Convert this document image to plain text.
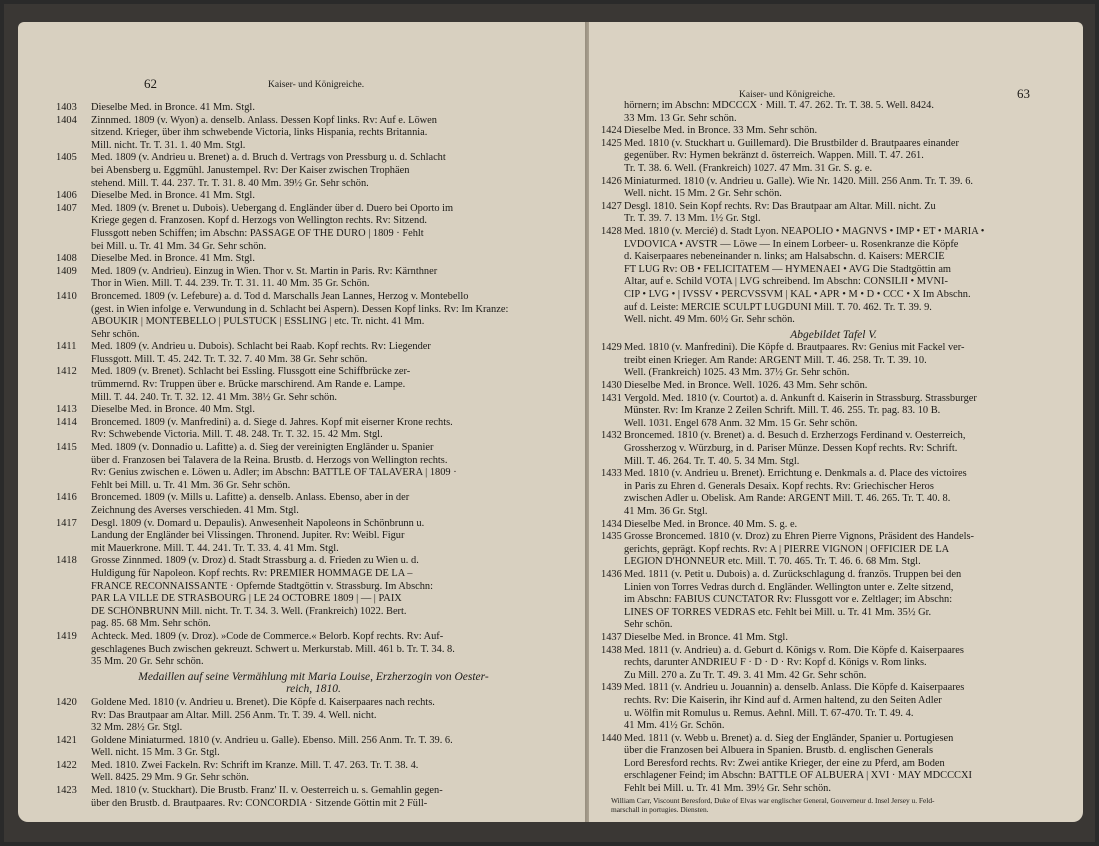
62	Kaiser- und Königreiche.
1403 Dieselbe Med. in Bronce. 41 Mm. Stgl.
1404 Zinnmed. 1809 (v. Wyon) a. denselb. Anlass. Dessen Kopf links. Rv: Auf e. Löwen
sitzend. Krieger, über ihm schwebende Victoria, links Hispania, rechts Britannia.
Mill. nicht. Tr. T. 31. 1. 40 Mm. Stgl.
1405 Med. 1809 (v. Andrieu u. Brenet) a. d. Bruch d. Vertrags von Pressburg u. d. Schlacht
bei Abensberg u. Eggmühl. Janustempel. Rv: Der Kaiser zwischen Trophäen
stehend. Mill. T. 44. 237. Tr. T. 31. 8. 40 Mm. 39½ Gr. Sehr schön.
1406 Dieselbe Med. in Bronce. 41 Mm. Stgl.
1407 Med. 1809 (v. Brenet u. Dubois). Uebergang d. Engländer über d. Duero bei Oporto im
Kriege gegen d. Franzosen. Kopf d. Herzogs von Wellington rechts. Rv: Sitzend.
Flussgott neben Schiffen; im Abschn: PASSAGE OF THE DURO | 1809 · Fehlt
bei Mill. u. Tr. 41 Mm. 34 Gr. Sehr schön.
1408 Dieselbe Med. in Bronce. 41 Mm. Stgl.
1409 Med. 1809 (v. Andrieu). Einzug in Wien. Thor v. St. Martin in Paris. Rv: Kärnthner
Thor in Wien. Mill. T. 44. 239. Tr. T. 31. 11. 40 Mm. 35 Gr. Schön.
1410 Broncemed. 1809 (v. Lefebure) a. d. Tod d. Marschalls Jean Lannes, Herzog v. Montebello
(gest. in Wien infolge e. Verwundung in d. Schlacht bei Aspern). Dessen Kopf links. Rv: Im Kranze:
ABOUKIR | MONTEBELLO | PULSTUCK | ESSLING | etc. Tr. nicht. 41 Mm.
Sehr schön.
1411 Med. 1809 (v. Andrieu u. Dubois). Schlacht bei Raab. Kopf rechts. Rv: Liegender
Flussgott. Mill. T. 45. 242. Tr. T. 32. 7. 40 Mm. 38 Gr. Sehr schön.
1412 Med. 1809 (v. Brenet). Schlacht bei Essling. Flussgott eine Schiffbrücke zer-
trümmernd. Rv: Truppen über e. Brücke marschirend. Am Rande e. Lampe.
Mill. T. 44. 240. Tr. T. 32. 12. 41 Mm. 38½ Gr. Sehr schön.
1413 Dieselbe Med. in Bronce. 40 Mm. Stgl.
1414 Broncemed. 1809 (v. Manfredini) a. d. Siege d. Jahres. Kopf mit eiserner Krone rechts.
Rv: Schwebende Victoria. Mill. T. 48. 248. Tr. T. 32. 15. 42 Mm. Stgl.
1415 Med. 1809 (v. Donnadio u. Lafitte) a. d. Sieg der vereinigten Engländer u. Spanier
über d. Franzosen bei Talavera de la Reina. Brustb. d. Herzogs von Wellington rechts.
Rv: Genius zwischen e. Löwen u. Adler; im Abschn: BATTLE OF TALAVERA | 1809 ·
Fehlt bei Mill. u. Tr. 41 Mm. 36 Gr. Sehr schön.
1416 Broncemed. 1809 (v. Mills u. Lafitte) a. denselb. Anlass. Ebenso, aber in der
Zeichnung des Averses verschieden. 41 Mm. Stgl.
1417 Desgl. 1809 (v. Domard u. Depaulis). Anwesenheit Napoleons in Schönbrunn u.
Landung der Engländer bei Vlissingen. Thronend. Jupiter. Rv: Weibl. Figur
mit Mauerkrone. Mill. T. 44. 241. Tr. T. 33. 4. 41 Mm. Stgl.
1418 Grosse Zinnmed. 1809 (v. Droz) d. Stadt Strassburg a. d. Frieden zu Wien u. d.
Huldigung für Napoleon. Kopf rechts. Rv: PREMIER HOMMAGE DE LA –
FRANCE RECONNAISSANTE · Opfernde Stadtgöttin v. Strassburg. Im Abschn:
PAR LA VILLE DE STRASBOURG | LE 24 OCTOBRE 1809 | — | PAIX
DE SCHÖNBRUNN Mill. nicht. Tr. T. 34. 3. Well. (Frankreich) 1022. Bert.
pag. 85. 68 Mm. Sehr schön.
1419 Achteck. Med. 1809 (v. Droz). »Code de Commerce.« Belorb. Kopf rechts. Rv: Auf-
geschlagenes Buch zwischen gekreuzt. Schwert u. Merkurstab. Mill. 461 b. Tr. T. 34. 8.
35 Mm. 20 Gr. Sehr schön.
Medaillen auf seine Vermählung mit Maria Louise, Erzherzogin von Oester-
reich, 1810.
1420 Goldene Med. 1810 (v. Andrieu u. Brenet). Die Köpfe d. Kaiserpaares nach rechts.
Rv: Das Brautpaar am Altar. Mill. 256 Anm. Tr. T. 39. 4. Well. nicht.
32 Mm. 28½ Gr. Stgl.
1421 Goldene Miniaturmed. 1810 (v. Andrieu u. Galle). Ebenso. Mill. 256 Anm. Tr. T. 39. 6.
Well. nicht. 15 Mm. 3 Gr. Stgl.
1422 Med. 1810. Zwei Fackeln. Rv: Schrift im Kranze. Mill. T. 47. 263. Tr. T. 38. 4.
Well. 8425. 29 Mm. 9 Gr. Sehr schön.
1423 Med. 1810 (v. Stuckhart). Die Brustb. Franz' II. v. Oesterreich u. s. Gemahlin gegen-
über den Brustb. d. Brautpaares. Rv: CONCORDIA · Sitzende Göttin mit 2 Füll-
Kaiser- und Königreiche.	63
hörnern; im Abschn: MDCCCX · Mill. T. 47. 262. Tr. T. 38. 5. Well. 8424.
33 Mm. 13 Gr. Sehr schön.
1424 Dieselbe Med. in Bronce. 33 Mm. Sehr schön.
1425 Med. 1810 (v. Stuckhart u. Guillemard). Die Brustbilder d. Brautpaares einander
gegenüber. Rv: Hymen bekränzt d. österreich. Wappen. Mill. T. 47. 261.
Tr. T. 38. 6. Well. (Frankreich) 1027. 47 Mm. 31 Gr. S. g. e.
1426 Miniaturmed. 1810 (v. Andrieu u. Galle). Wie Nr. 1420. Mill. 256 Anm. Tr. T. 39. 6.
Well. nicht. 15 Mm. 2 Gr. Sehr schön.
1427 Desgl. 1810. Sein Kopf rechts. Rv: Das Brautpaar am Altar. Mill. nicht. Zu
Tr. T. 39. 7. 13 Mm. 1½ Gr. Stgl.
1428 Med. 1810 (v. Mercié) d. Stadt Lyon. NEAPOLIO • MAGNVS • IMP • ET • MARIA •
LVDOVICA • AVSTR — Löwe — In einem Lorbeer- u. Rosenkranze die Köpfe
d. Kaiserpaares nebeneinander n. links; am Halsabschn. d. Kaisers: MERCIÉ
FT LUG Rv: OB • FELICITATEM — HYMENAEI • AVG Die Stadtgöttin am
Altar, auf e. Schild VOTA | LVG schreibend. Im Abschn: CONSILII • MVNI-
CIP • LVG • | IVSSV • PERCVSSVM | KAL • APR • M • D • CCC • X Im Abschn.
auf d. Leiste: MERCIÉ SCULPT LUGDUNI Mill. T. 70. 462. Tr. T. 39. 9.
Well. nicht. 49 Mm. 60½ Gr. Sehr schön.
Abgebildet Tafel V.
1429 Med. 1810 (v. Manfredini). Die Köpfe d. Brautpaares. Rv: Genius mit Fackel ver-
treibt einen Krieger. Am Rande: ARGENT Mill. T. 46. 258. Tr. T. 39. 10.
Well. (Frankreich) 1025. 43 Mm. 37½ Gr. Sehr schön.
1430 Dieselbe Med. in Bronce. Well. 1026. 43 Mm. Sehr schön.
1431 Vergold. Med. 1810 (v. Courtot) a. d. Ankunft d. Kaiserin in Strassburg. Strassburger
Münster. Rv: Im Kranze 2 Zeilen Schrift. Mill. T. 46. 255. Tr. pag. 83. 10 B.
Well. 1031. Engel 678 Anm. 32 Mm. 15 Gr. Sehr schön.
1432 Broncemed. 1810 (v. Brenet) a. d. Besuch d. Erzherzogs Ferdinand v. Oesterreich,
Grossherzog v. Würzburg, in d. Pariser Münze. Dessen Kopf rechts. Rv: Schrift.
Mill. T. 46. 264. Tr. T. 40. 5. 34 Mm. Stgl.
1433 Med. 1810 (v. Andrieu u. Brenet). Errichtung e. Denkmals a. d. Place des victoires
in Paris zu Ehren d. Generals Desaix. Kopf rechts. Rv: Griechischer Heros
zwischen Adler u. Obelisk. Am Rande: ARGENT Mill. T. 46. 265. Tr. T. 40. 8.
41 Mm. 36 Gr. Stgl.
1434 Dieselbe Med. in Bronce. 40 Mm. S. g. e.
1435 Grosse Broncemed. 1810 (v. Droz) zu Ehren Pierre Vignons, Präsident des Handels-
gerichts, geprägt. Kopf rechts. Rv: A | PIERRE VIGNON | OFFICIER DE LA
LEGION D'HONNEUR etc. Mill. T. 70. 465. Tr. T. 46. 6. 68 Mm. Stgl.
1436 Med. 1811 (v. Petit u. Dubois) a. d. Zurückschlagung d. französ. Truppen bei den
Linien von Torres Vedras durch d. Engländer. Wellington unter e. Zelte sitzend,
im Abschn: FABIUS CUNCTATOR Rv: Flussgott vor e. Zeltlager; im Abschn:
LINES OF TORRES VEDRAS etc. Fehlt bei Mill. u. Tr. 41 Mm. 35½ Gr.
Sehr schön.
1437 Dieselbe Med. in Bronce. 41 Mm. Stgl.
1438 Med. 1811 (v. Andrieu) a. d. Geburt d. Königs v. Rom. Die Köpfe d. Kaiserpaares
rechts, darunter ANDRIEU F · D · D · Rv: Kopf d. Königs v. Rom links.
Zu Mill. 270 a. Zu Tr. T. 49. 3. 41 Mm. 42 Gr. Sehr schön.
1439 Med. 1811 (v. Andrieu u. Jouannin) a. denselb. Anlass. Die Köpfe d. Kaiserpaares
rechts. Rv: Die Kaiserin, ihr Kind auf d. Armen haltend, zu den Seiten Adler
u. Wölfin mit Romulus u. Remus. Aehnl. Mill. T. 67-470. Tr. T. 49. 4.
41 Mm. 41½ Gr. Schön.
1440 Med. 1811 (v. Webb u. Brenet) a. d. Sieg der Engländer, Spanier u. Portugiesen
über die Franzosen bei Albuera in Spanien. Brustb. d. englischen Generals
Lord Beresford rechts. Rv: Zwei antike Krieger, der eine zu Pferd, am Boden
erschlagener Feind; im Abschn: BATTLE OF ALBUERA | XVI · MAY MDCCCXI
Fehlt bei Mill. u. Tr. 41 Mm. 39½ Gr. Sehr schön.
William Carr, Viscount Beresford, Duke of Elvas war englischer General, Gouverneur d. Insel Jersey u. Feld-
marschall in portugies. Diensten.
